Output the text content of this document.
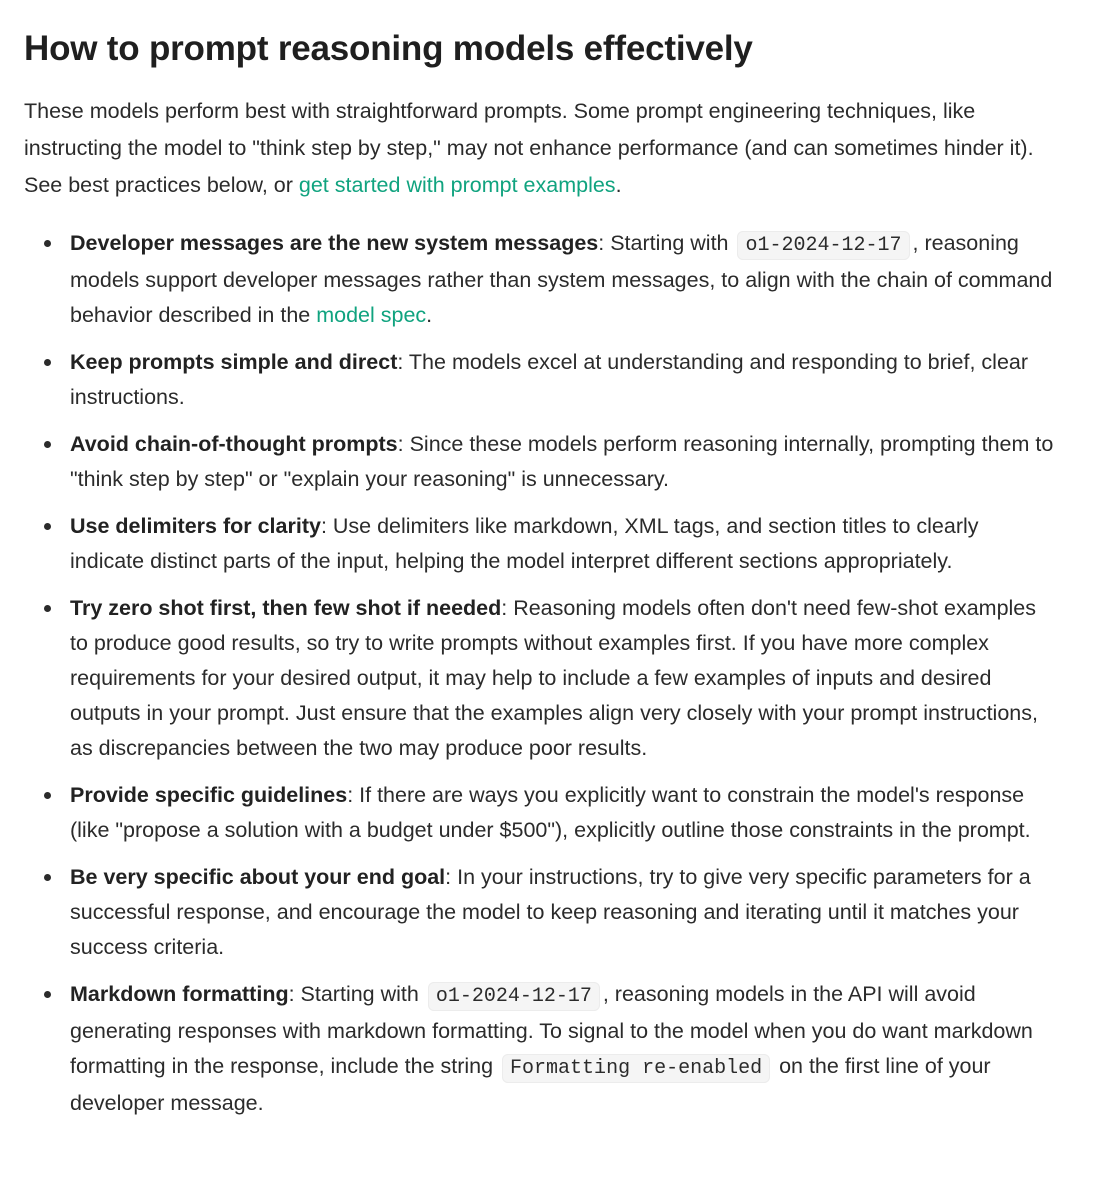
How to prompt reasoning models effectively

These models perform best with straightforward prompts. Some prompt engineering techniques, like instructing the model to "think step by step," may not enhance performance (and can sometimes hinder it). See best practices below, or get started with prompt examples.

Developer messages are the new system messages: Starting with o1-2024-12-17 , reasoning models support developer messages rather than system messages, to align with the chain of command behavior described in the model spec.
Keep prompts simple and direct: The models excel at understanding and responding to brief, clear instructions.
Avoid chain-of-thought prompts: Since these models perform reasoning internally, prompting them to "think step by step" or "explain your reasoning" is unnecessary.
Use delimiters for clarity: Use delimiters like markdown, XML tags, and section titles to clearly indicate distinct parts of the input, helping the model interpret different sections appropriately.
Try zero shot first, then few shot if needed: Reasoning models often don't need few-shot examples to produce good results, so try to write prompts without examples first. If you have more complex requirements for your desired output, it may help to include a few examples of inputs and desired outputs in your prompt. Just ensure that the examples align very closely with your prompt instructions, as discrepancies between the two may produce poor results.
Provide specific guidelines: If there are ways you explicitly want to constrain the model's response (like "propose a solution with a budget under $500"), explicitly outline those constraints in the prompt.
Be very specific about your end goal: In your instructions, try to give very specific parameters for a successful response, and encourage the model to keep reasoning and iterating until it matches your success criteria.
Markdown formatting: Starting with o1-2024-12-17 , reasoning models in the API will avoid generating responses with markdown formatting. To signal to the model when you do want markdown formatting in the response, include the string Formatting re-enabled on the first line of your developer message.
